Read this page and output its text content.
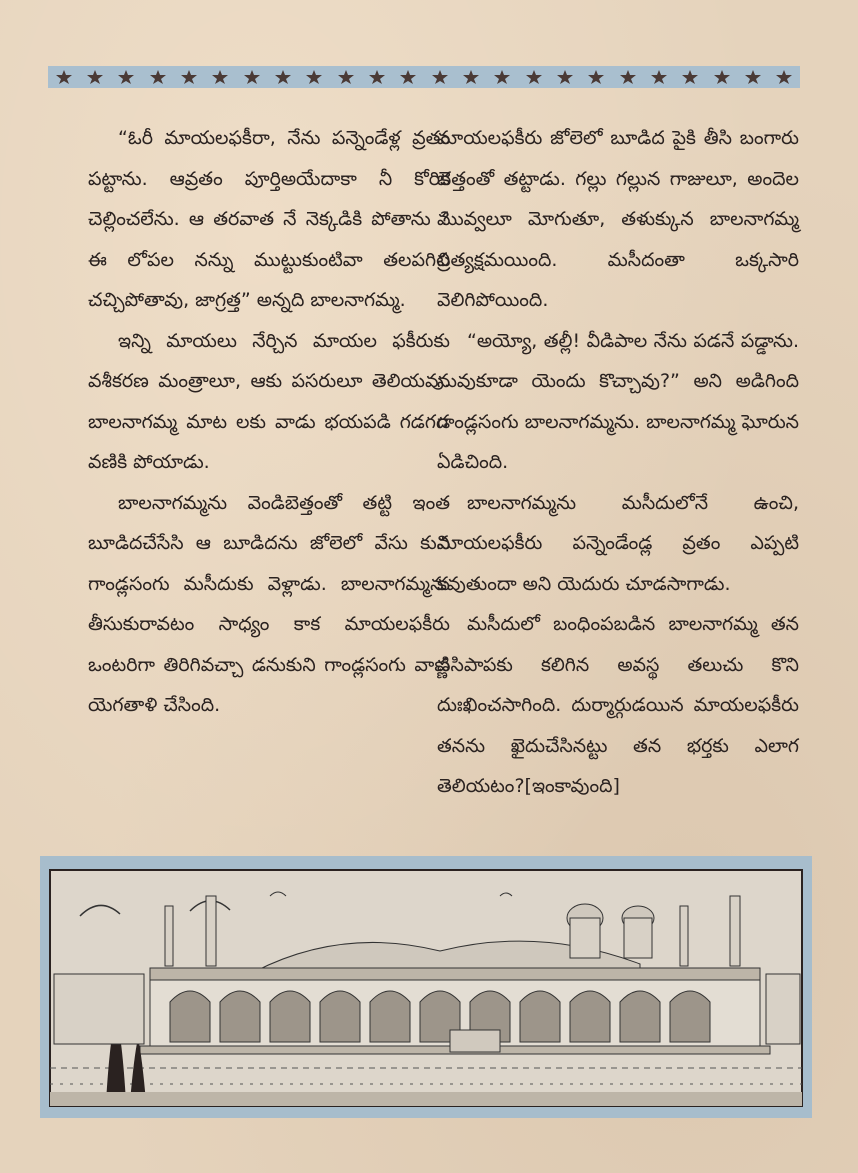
“ఓరీ మాయలఫకీరా, నేను పన్నెండేళ్ల వ్రతం పట్టాను. ఆవ్రతం పూర్తిఅయేదాకా నీ కోరిక చెల్లించలేను. ఆ తరవాత నే నెక్కడికి పోతాను ? ఈ లోపల నన్ను ముట్టుకుంటివా తలపగిలి చచ్చిపోతావు, జాగ్రత్త” అన్నది బాలనాగమ్మ.

ఇన్ని మాయలు నేర్చిన మాయల ఫకీరుకు వశీకరణ మంత్రాలూ, ఆకు పసరులూ తెలియవు. బాలనాగమ్మ మాట లకు వాడు భయపడి గడగడ వణికి పోయాడు.

బాలనాగమ్మను వెండిబెత్తంతో తట్టి ఇంత బూడిదచేసేసి ఆ బూడిదను జోలెలో వేసు కుని గాండ్లసంగు మసీదుకు వెళ్లాడు. బాలనాగమ్మను తీసుకురావటం సాధ్యం కాక మాయలఫకీరు ఒంటరిగా తిరిగివచ్చా డనుకుని గాండ్లసంగు వాణ్ణి యెగతాళి చేసింది.

మాయలఫకీరు జోలెలో బూడిద పైకి తీసి బంగారు బెత్తంతో తట్టాడు. గల్లు గల్లున గాజులూ, అందెల మువ్వలూ మోగుతూ, తళుక్కున బాలనాగమ్మ ప్రత్యక్షమయింది. మసీదంతా ఒక్కసారి వెలిగిపోయింది.

“అయ్యో, తల్లీ! వీడిపాల నేను పడనే పడ్డాను. నువుకూడా యెందు కొచ్చావు?” అని అడిగింది గాండ్లసంగు బాలనాగమ్మను. బాలనాగమ్మ ఘోరున ఏడిచింది.

బాలనాగమ్మను మసీదులోనే ఉంచి, మాయలఫకీరు పన్నెండేండ్ల వ్రతం ఎప్పటి కవుతుందా అని యెదురు చూడసాగాడు.

మసీదులో బంధింపబడిన బాలనాగమ్మ తన పసిపాపకు కలిగిన అవస్థ తలుచు కొని దుఃఖించసాగింది. దుర్మార్గుడయిన మాయలఫకీరు తనను ఖైదుచేసినట్టు తన భర్తకు ఎలాగ తెలియటం?[ఇంకావుంది]
